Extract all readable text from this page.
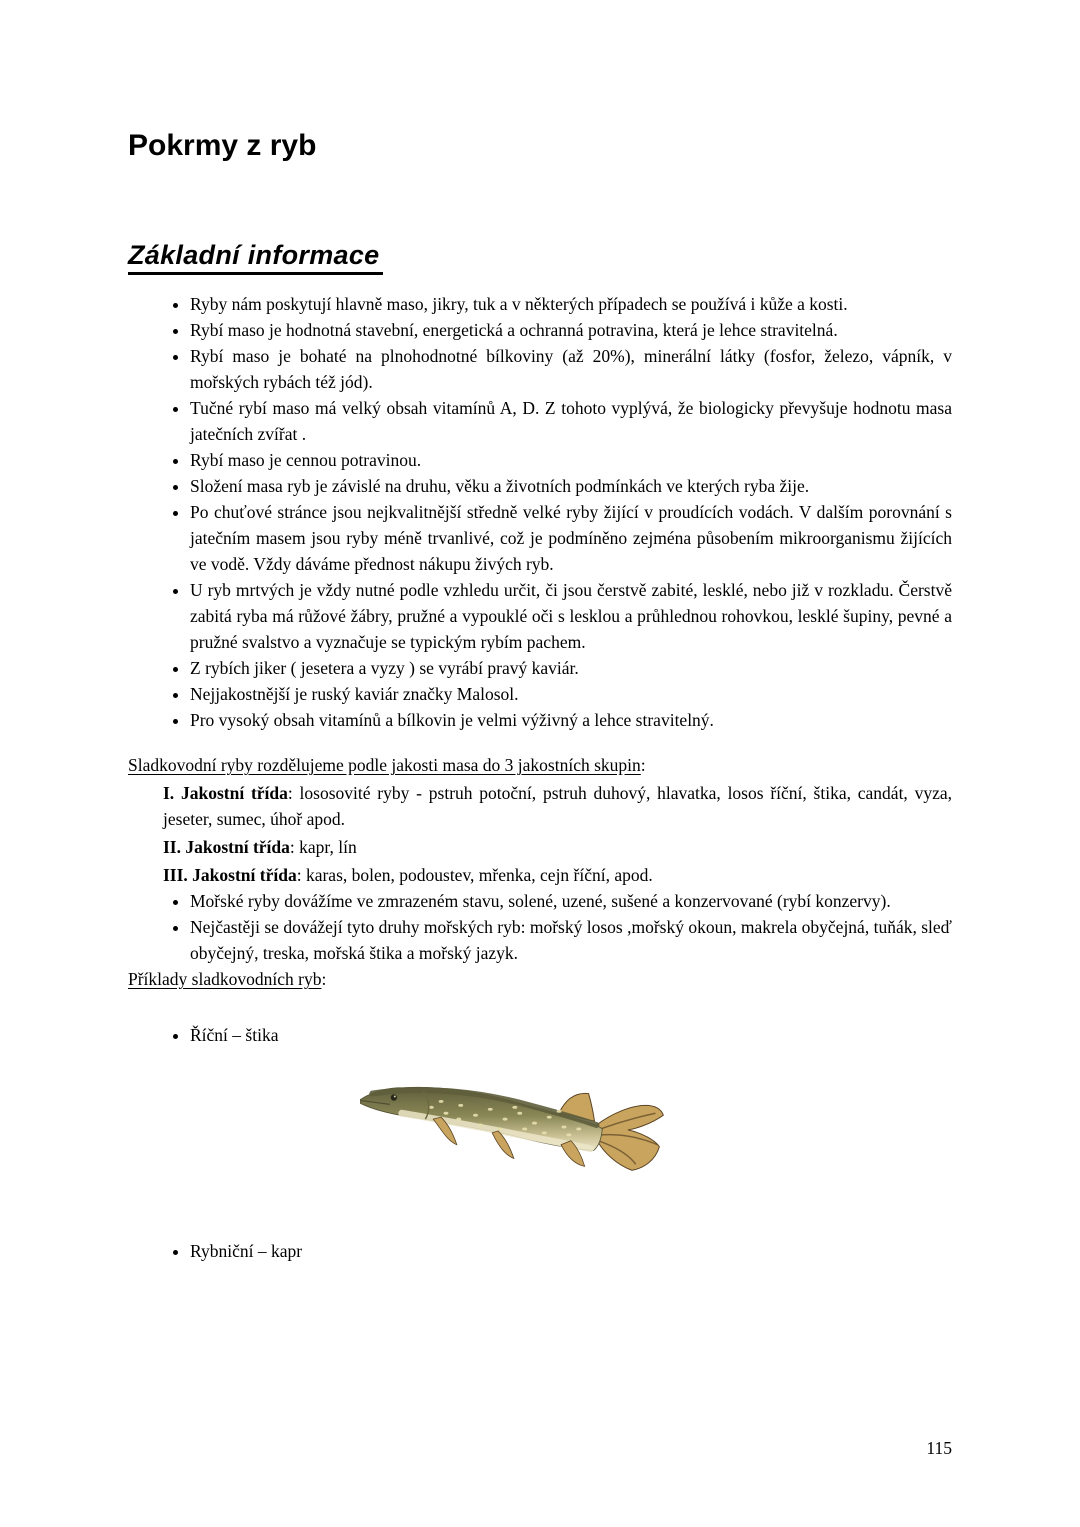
Pokrmy z ryb
Základní informace
• Ryby nám poskytují hlavně maso, jikry, tuk a v některých případech se používá i kůže a kosti.
• Rybí maso je hodnotná stavební, energetická a ochranná potravina, která je lehce stravitelná.
• Rybí maso je bohaté na plnohodnotné bílkoviny (až 20%), minerální látky (fosfor, železo, vápník, v mořských rybách též jód).
• Tučné rybí maso má velký obsah vitamínů A, D. Z tohoto vyplývá, že biologicky převyšuje hodnotu masa jatečních zvířat .
• Rybí maso je cennou potravinou.
• Složení masa ryb je závislé na druhu, věku a životních podmínkách ve kterých ryba žije.
• Po chuťové stránce jsou nejkvalitnější středně velké ryby žijící v proudících vodách. V dalším porovnání s jatečním masem jsou ryby méně trvanlivé, což je podmíněno zejména působením mikroorganismu žijících ve vodě. Vždy dáváme přednost nákupu živých ryb.
• U ryb mrtvých je vždy nutné podle vzhledu určit, či jsou čerstvě zabité, lesklé, nebo již v rozkladu. Čerstvě zabitá ryba má růžové žábry, pružné a vypouklé oči s lesklou a průhlednou rohovkou, lesklé šupiny, pevné a pružné svalstvo a vyznačuje se typickým rybím pachem.
• Z rybích jiker ( jesetera a vyzy ) se vyrábí pravý kaviár.
• Nejjakostnější je ruský kaviár značky Malosol.
• Pro vysoký obsah vitamínů a bílkovin je velmi výživný a lehce stravitelný.

Sladkovodní ryby rozdělujeme podle jakosti masa do 3 jakostních skupin:

I. Jakostní třída: lososovité ryby - pstruh potoční, pstruh duhový, hlavatka, losos říční, štika, candát, vyza, jeseter, sumec, úhoř apod.

II. Jakostní třída: kapr, lín

III. Jakostní třída: karas, bolen, podoustev, mřenka, cejn říční, apod.

• Mořské ryby dovážíme ve zmrazeném stavu, solené, uzené, sušené a konzervované (rybí konzervy).
• Nejčastěji se dovážejí tyto druhy mořských ryb: mořský losos ,mořský okoun, makrela obyčejná, tuňák, sleď obyčejný, treska, mořská štika a mořský jazyk.

Příklady sladkovodních ryb:

• Říční – štika
• Rybniční – kapr
115
